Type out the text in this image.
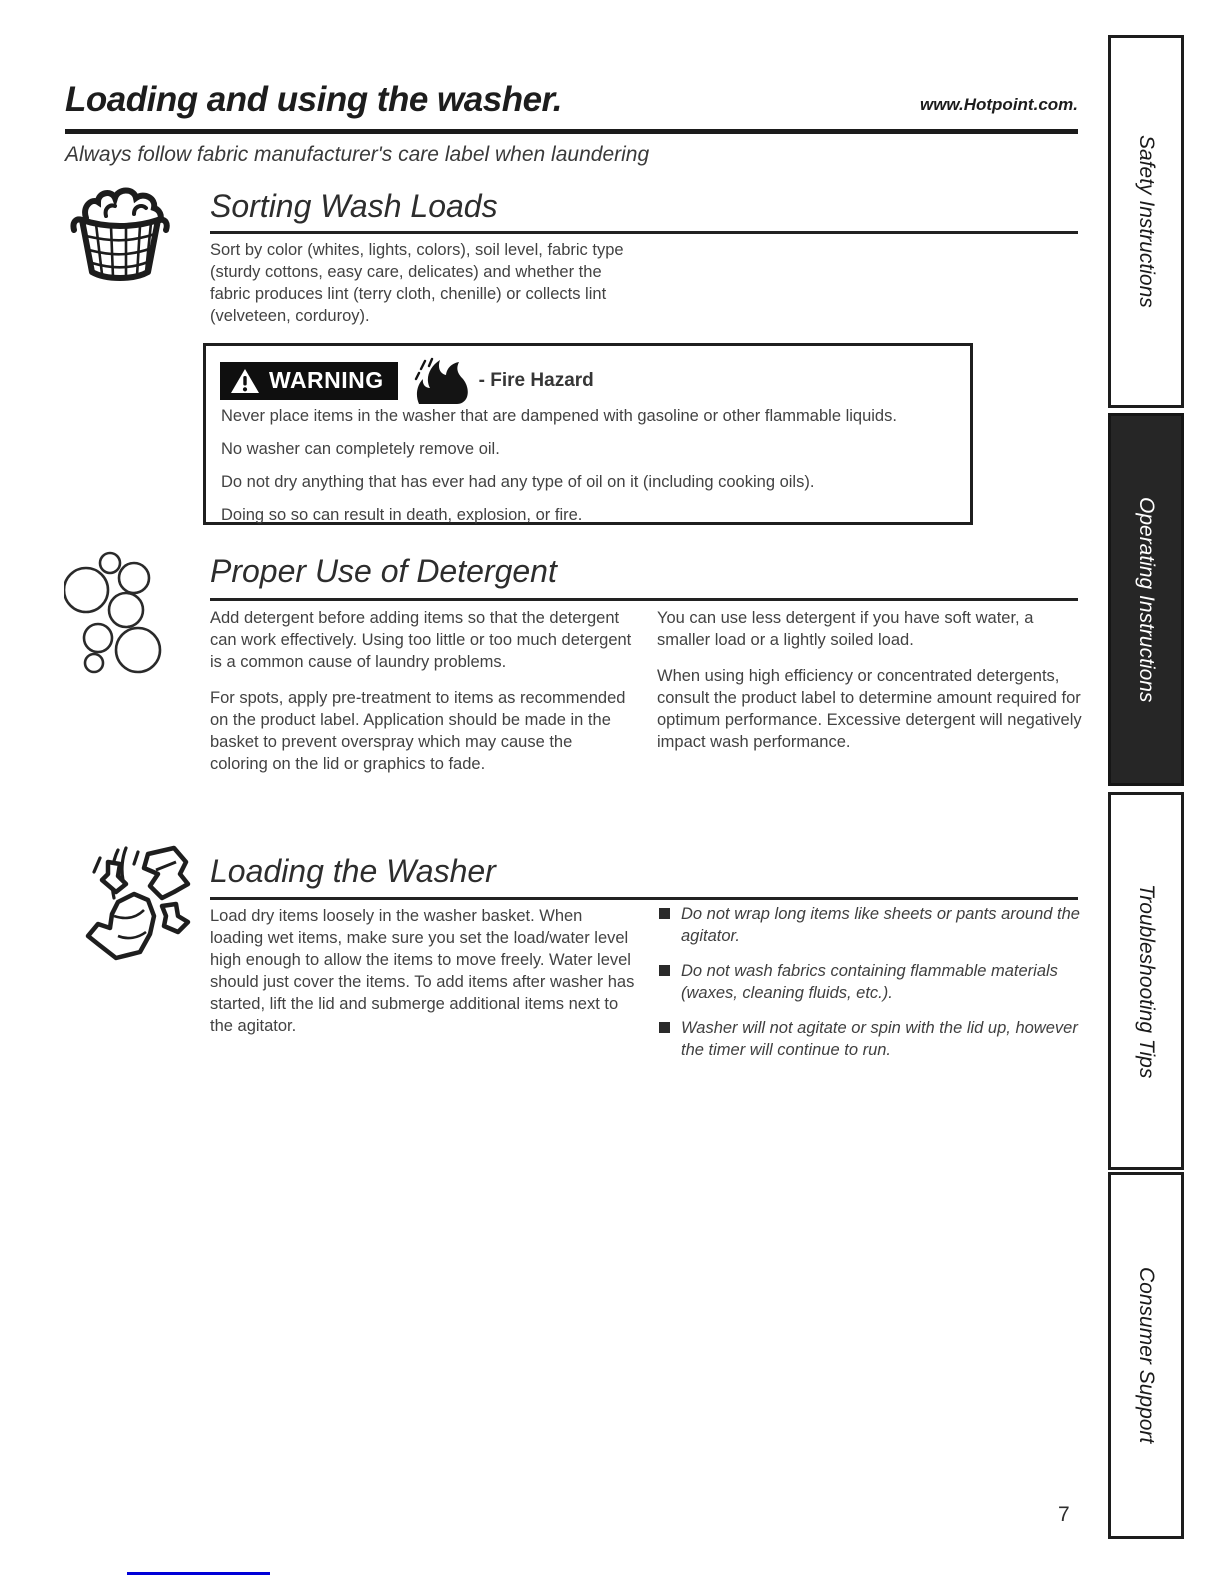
Loading and using the washer.	www.Hotpoint.com.
Always follow fabric manufacturer's care label when laundering
Sorting Wash Loads
Sort by color (whites, lights, colors), soil level, fabric type (sturdy cottons, easy care, delicates) and whether the fabric produces lint (terry cloth, chenille) or collects lint (velveteen, corduroy).
WARNING	- Fire Hazard
Never place items in the washer that are dampened with gasoline or other flammable liquids.
No washer can completely remove oil.
Do not dry anything that has ever had any type of oil on it (including cooking oils).
Doing so so can result in death, explosion, or fire.
Proper Use of Detergent

Add detergent before adding items so that the detergent can work effectively. Using too little or too much detergent is a common cause of laundry problems.

For spots, apply pre-treatment to items as recommended on the product label. Application should be made in the basket to prevent overspray which may cause the coloring on the lid or graphics to fade.

You can use less detergent if you have soft water, a smaller load or a lightly soiled load.

When using high efficiency or concentrated detergents, consult the product label to determine amount required for optimum performance. Excessive detergent will negatively impact wash performance.

Loading the Washer
Load dry items loosely in the washer basket. When loading wet items, make sure you set the load/water level high enough to allow the items to move freely. Water level should just cover the items. To add items after washer has started, lift the lid and submerge additional items next to the agitator.
Do not wrap long items like sheets or pants around the agitator.
Do not wash fabrics containing flammable materials (waxes, cleaning fluids, etc.).
Washer will not agitate or spin with the lid up, however the timer will continue to run.
Safety Instructions
Operating Instructions
Troubleshooting Tips
Consumer Support
7
